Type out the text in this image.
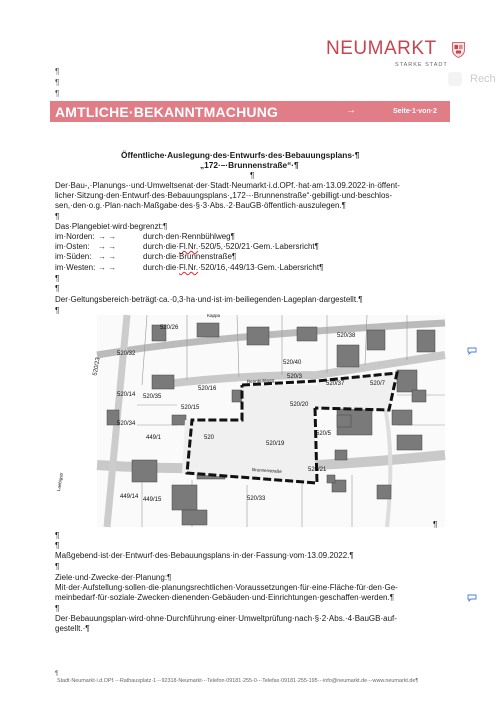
NEUMARKT
STARKE STADT
Rech
¶
¶
¶
AMTLICHE·BEKANNTMACHUNG	→	Seite·1·von·2
Öffentliche·Auslegung·des·Entwurfs·des·Bebauungsplans·¶
„172·–·Brunnenstraße“·¶
¶
Der·Bau-,·Planungs-·und·Umweltsenat·der·Stadt·Neumarkt·i.d.OPf.·hat·am·13.09.2022·in·öffent-
licher·Sitzung·den·Entwurf·des·Bebauungsplans·„172·-·Brunnenstraße“·gebilligt·und·beschlos-
sen,·den·o.g.·Plan·nach·Maßgabe·des·§·3·Abs.·2·BauGB·öffentlich·auszulegen.¶
¶
Das·Plangebiet·wird·begrenzt:¶
im·Norden: → →	durch·den·Rennbühlweg¶
im·Osten: → →	durch·die·Fl.Nr.·520/5,·520/21·Gem.·Labersricht¶
im·Süden: → →	durch·die·Brunnenstraße¶
im·Westen: → →	durch·die·Fl.Nr.·520/16,·449/13·Gem.·Labersricht¶
¶
¶
Der·Geltungsbereich·beträgt·ca.·0,3·ha·und·ist·im·beiliegenden·Lageplan·dargestellt.¶
¶
520/26
520/38
520/40
520/3
520/37	520/7
520/23
520/14 520/35
520/16
520/15	520/20
520/5
520
520/19
449/1
520/21
449/14 449/15	520/33
520/32
520/34
Rennbühlweg
Brunnenstraße
Laebigstr
Kappa
¶
¶
¶
Maßgebend·ist·der·Entwurf·des·Bebauungsplans·in·der·Fassung·vom·13.09.2022.¶
¶
Ziele·und·Zwecke·der·Planung:¶
Mit·der·Aufstellung·sollen·die·planungsrechtlichen·Voraussetzungen·für·eine·Fläche·für·den·Ge-
meinbedarf·für·soziale·Zwecken·dienenden·Gebäuden·und·Einrichtungen·geschaffen·werden.¶
¶
Der·Bebauungsplan·wird·ohne·Durchführung·einer·Umweltprüfung·nach·§·2·Abs.·4·BauGB·auf-
gestellt.·¶
¶
Stadt·Neumarkt·i.d.OPf.·-·Rathausplatz·1·-·92318·Neumarkt·-·Telefon·09181·255-0·-·Telefax·09181·255-195·-·info@neumarkt.de·-·www.neumarkt.de¶
